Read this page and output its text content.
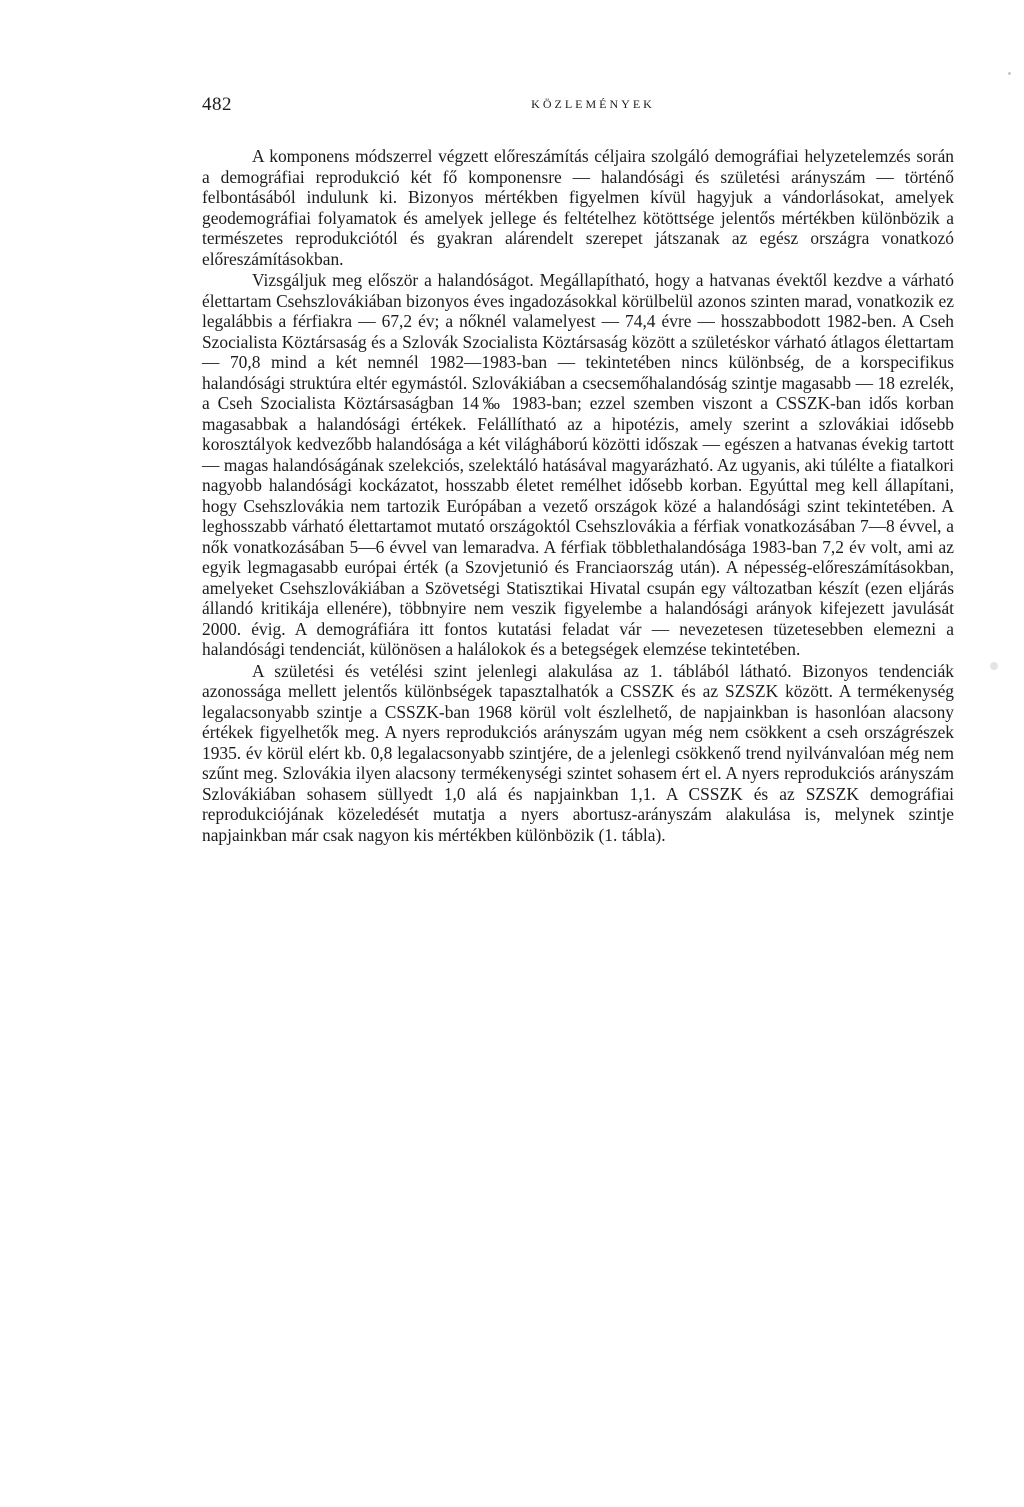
482	KÖZLEMÉNYEK

A komponens módszerrel végzett előreszámítás céljaira szolgáló demográfiai helyzetelemzés során a demográfiai reprodukció két fő komponensre — halandósági és születési arányszám — történő felbontásából indulunk ki. Bizonyos mértékben figyelmen kívül hagyjuk a vándorlásokat, amelyek geodemográfiai folyamatok és amelyek jellege és feltételhez kötöttsége jelentős mértékben különbözik a természetes reprodukciótól és gyakran alárendelt szerepet játszanak az egész országra vonatkozó előreszámításokban.

Vizsgáljuk meg először a halandóságot. Megállapítható, hogy a hatvanas évektől kezdve a várható élettartam Csehszlovákiában bizonyos éves ingadozásokkal körülbelül azonos szinten marad, vonatkozik ez legalábbis a férfiakra — 67,2 év; a nőknél valamelyest — 74,4 évre — hosszabbodott 1982-ben. A Cseh Szocialista Köztársaság és a Szlovák Szocialista Köztársaság között a születéskor várható átlagos élettartam — 70,8 mind a két nemnél 1982—1983-ban — tekintetében nincs különbség, de a korspecifikus halandósági struktúra eltér egymástól. Szlovákiában a csecsemőhalandóság szintje magasabb — 18 ezrelék, a Cseh Szocialista Köztársaságban 14‰ 1983-ban; ezzel szemben viszont a CSSZK-ban idős korban magasabbak a halandósági értékek. Felállítható az a hipotézis, amely szerint a szlovákiai idősebb korosztályok kedvezőbb halandósága a két világháború közötti időszak — egészen a hatvanas évekig tartott — magas halandóságának szelekciós, szelektáló hatásával magyarázható. Az ugyanis, aki túlélte a fiatalkori nagyobb halandósági kockázatot, hosszabb életet remélhet idősebb korban. Egyúttal meg kell állapítani, hogy Csehszlovákia nem tartozik Európában a vezető országok közé a halandósági szint tekintetében. A leghosszabb várható élettartamot mutató országoktól Csehszlovákia a férfiak vonatkozásában 7—8 évvel, a nők vonatkozásában 5—6 évvel van lemaradva. A férfiak többlethalandósága 1983-ban 7,2 év volt, ami az egyik legmagasabb európai érték (a Szovjetunió és Franciaország után). A népesség-előreszámításokban, amelyeket Csehszlovákiában a Szövetségi Statisztikai Hivatal csupán egy változatban készít (ezen eljárás állandó kritikája ellenére), többnyire nem veszik figyelembe a halandósági arányok kifejezett javulását 2000. évig. A demográfiára itt fontos kutatási feladat vár — nevezetesen tüzetesebben elemezni a halandósági tendenciát, különösen a halálokok és a betegségek elemzése tekintetében.

A születési és vetélési szint jelenlegi alakulása az 1. táblából látható. Bizonyos tendenciák azonossága mellett jelentős különbségek tapasztalhatók a CSSZK és az SZSZK között. A termékenység legalacsonyabb szintje a CSSZK-ban 1968 körül volt észlelhető, de napjainkban is hasonlóan alacsony értékek figyelhetők meg. A nyers reprodukciós arányszám ugyan még nem csökkent a cseh országrészek 1935. év körül elért kb. 0,8 legalacsonyabb szintjére, de a jelenlegi csökkenő trend nyilvánvalóan még nem szűnt meg. Szlovákia ilyen alacsony termékenységi szintet sohasem ért el. A nyers reprodukciós arányszám Szlovákiában sohasem süllyedt 1,0 alá és napjainkban 1,1. A CSSZK és az SZSZK demográfiai reprodukciójának közeledését mutatja a nyers abortusz-arányszám alakulása is, melynek szintje napjainkban már csak nagyon kis mértékben különbözik (1. tábla).
